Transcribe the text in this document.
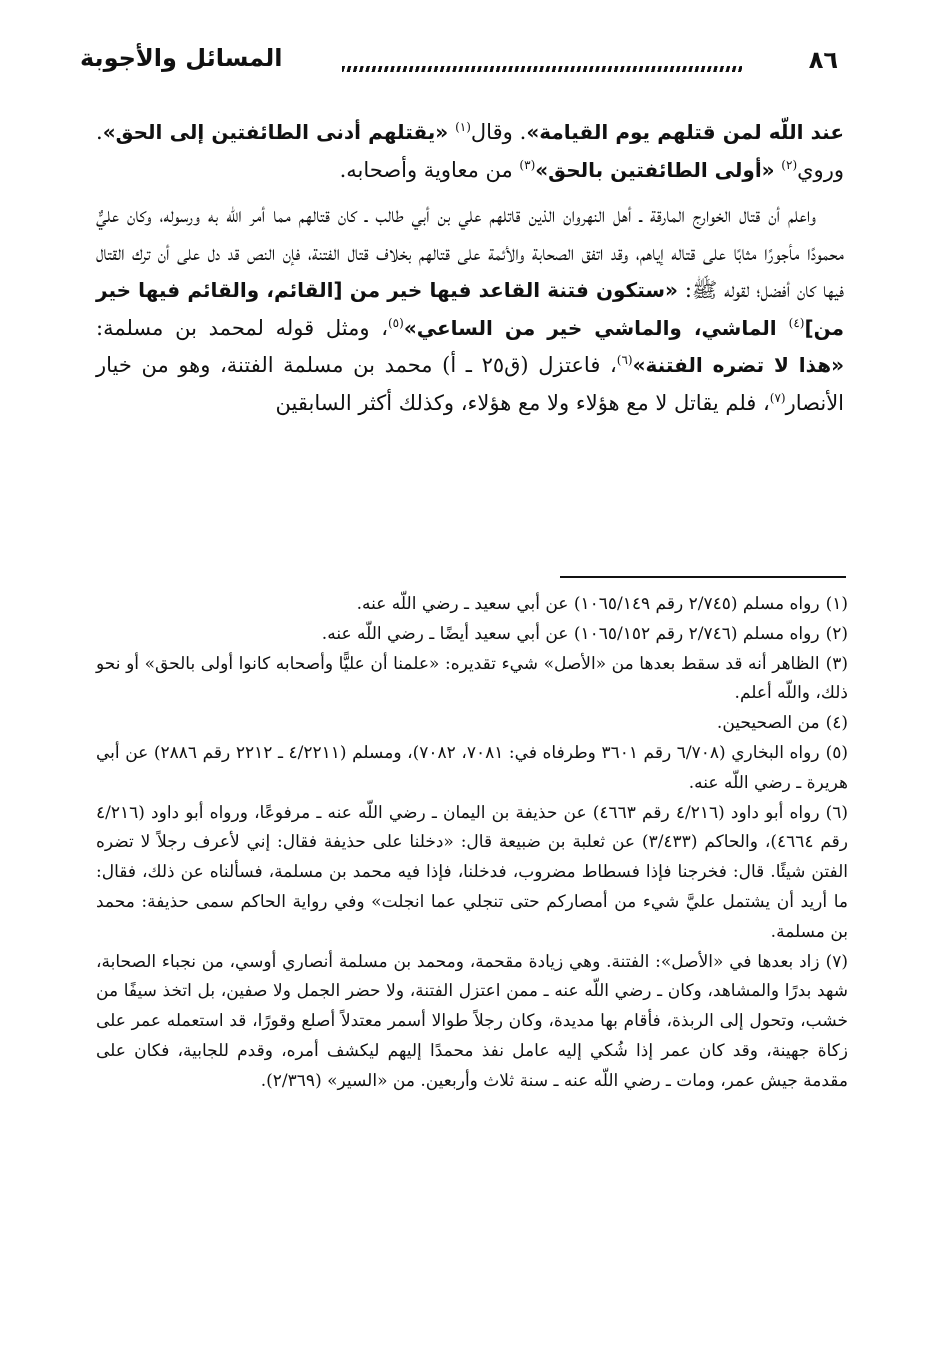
٨٦
المسائل والأجوبة

عند اللّه لمن قتلهم يوم القيامة». وقال$^{(١)}$ «يقتلهم أدنى الطائفتين إلى الحق». وروي$^{(٢)}$ «أولى الطائفتين بالحق»$^{(٣)}$ من معاوية وأصحابه.

واعلم أن قتال الخوارج المارقة ـ أهل النهروان الذين قاتلهم علي بن أبي طالب ـ كان قتالهم مما أمر اللّه به ورسوله، وكان عليٌّ محمودًا مأجورًا مثابًا على قتاله إياهم، وقد اتفق الصحابة والأئمة على قتالهم بخلاف قتال الفتنة، فإن النص قد دل على أن ترك القتال فيها كان أفضل؛ لقوله ﷺ: «ستكون فتنة القاعد فيها خير من [القائم، والقائم فيها خير من]$^{(٤)}$ الماشي، والماشي خير من الساعي»$^{(٥)}$، ومثل قوله لمحمد بن مسلمة: «هذا لا تضره الفتنة»$^{(٦)}$، فاعتزل (ق٢٥ ـ أ) محمد بن مسلمة الفتنة، وهو من خيار الأنصار$^{(٧)}$، فلم يقاتل لا مع هؤلاء ولا مع هؤلاء، وكذلك أكثر السابقين

(١)رواه مسلم (٢/٧٤٥ رقم ١٠٦٥/١٤٩) عن أبي سعيد ـ رضي اللّه عنه.

(٢)رواه مسلم (٢/٧٤٦ رقم ١٠٦٥/١٥٢) عن أبي سعيد أيضًا ـ رضي اللّه عنه.

(٣)الظاهر أنه قد سقط بعدها من «الأصل» شيء تقديره: «علمنا أن عليًّا وأصحابه كانوا أولى بالحق» أو نحو ذلك، واللّه أعلم.

(٤)من الصحيحين.

(٥)رواه البخاري (٦/٧٠٨ رقم ٣٦٠١ وطرفاه في: ٧٠٨١، ٧٠٨٢)، ومسلم (٤/٢٢١١ ـ ٢٢١٢ رقم ٢٨٨٦) عن أبي هريرة ـ رضي اللّه عنه.

(٦)رواه أبو داود (٤/٢١٦ رقم ٤٦٦٣) عن حذيفة بن اليمان ـ رضي اللّه عنه ـ مرفوعًا، ورواه أبو داود (٤/٢١٦ رقم ٤٦٦٤)، والحاكم (٣/٤٣٣) عن ثعلبة بن ضبيعة قال: «دخلنا على حذيفة فقال: إني لأعرف رجلاً لا تضره الفتن شيئًا. قال: فخرجنا فإذا فسطاط مضروب، فدخلنا، فإذا فيه محمد بن مسلمة، فسألناه عن ذلك، فقال: ما أريد أن يشتمل عليَّ شيء من أمصاركم حتى تنجلي عما انجلت» وفي رواية الحاكم سمى حذيفة: محمد بن مسلمة.

(٧)زاد بعدها في «الأصل»: الفتنة. وهي زيادة مقحمة، ومحمد بن مسلمة أنصاري أوسي، من نجباء الصحابة، شهد بدرًا والمشاهد، وكان ـ رضي اللّه عنه ـ ممن اعتزل الفتنة، ولا حضر الجمل ولا صفين، بل اتخذ سيفًا من خشب، وتحول إلى الربذة، فأقام بها مديدة، وكان رجلاً طوالا أسمر معتدلاً أصلع وقورًا، قد استعمله عمر على زكاة جهينة، وقد كان عمر إذا شُكي إليه عامل نفذ محمدًا إليهم ليكشف أمره، وقدم للجابية، فكان على مقدمة جيش عمر، ومات ـ رضي اللّه عنه ـ سنة ثلاث وأربعين. من «السير» (٢/٣٦٩).
